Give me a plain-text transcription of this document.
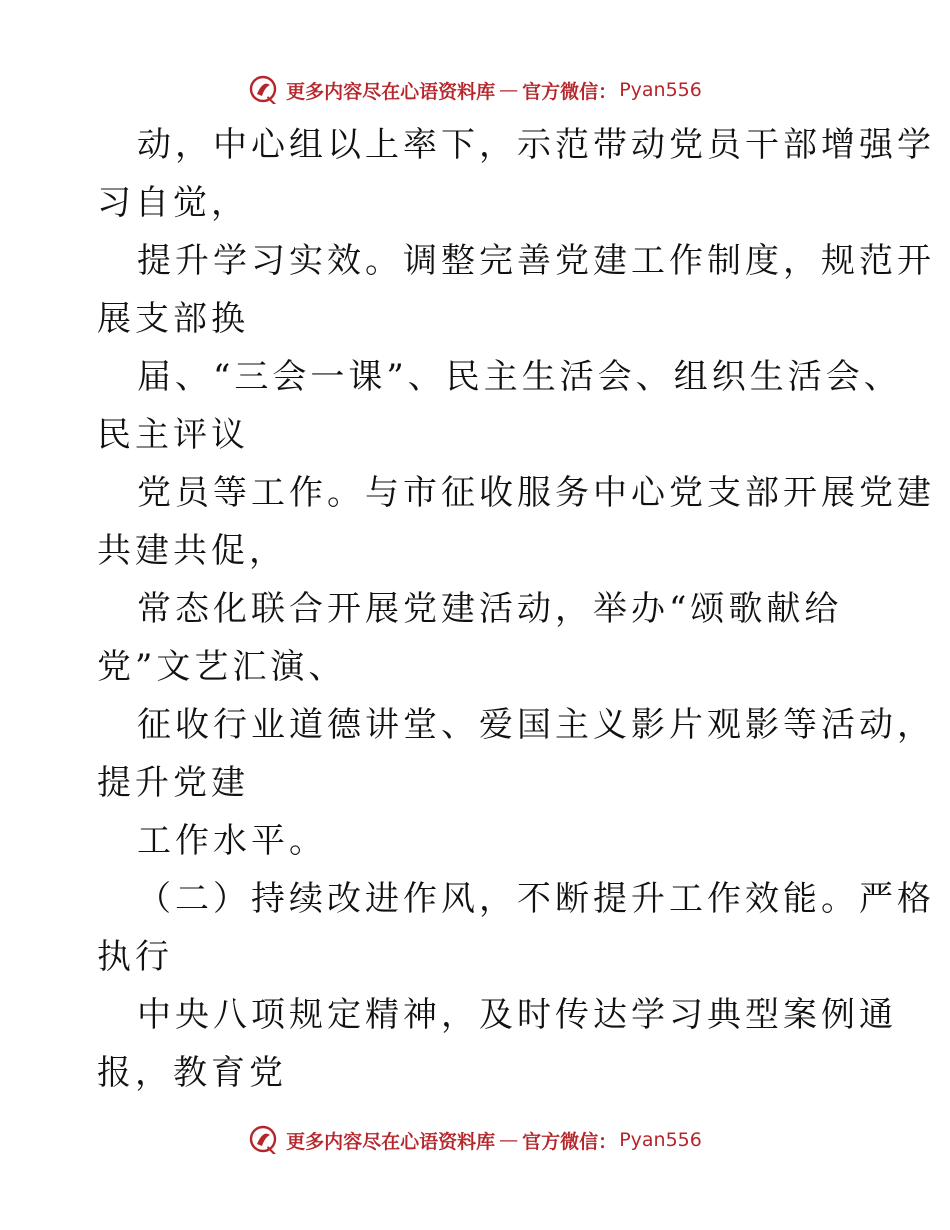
更多内容尽在心语资料库 — 官方微信： Pyan556
动，中心组以上率下，示范带动党员干部增强学
习自觉，
提升学习实效。调整完善党建工作制度，规范开
展支部换
届、“三会一课”、民主生活会、组织生活会、
民主评议
党员等工作。与市征收服务中心党支部开展党建
共建共促，
常态化联合开展党建活动，举办“颂歌献给
党”文艺汇演、
征收行业道德讲堂、爱国主义影片观影等活动，
提升党建
工作水平。
（二）持续改进作风，不断提升工作效能。严格
执行
中央八项规定精神，及时传达学习典型案例通
报，教育党
更多内容尽在心语资料库 — 官方微信： Pyan556
